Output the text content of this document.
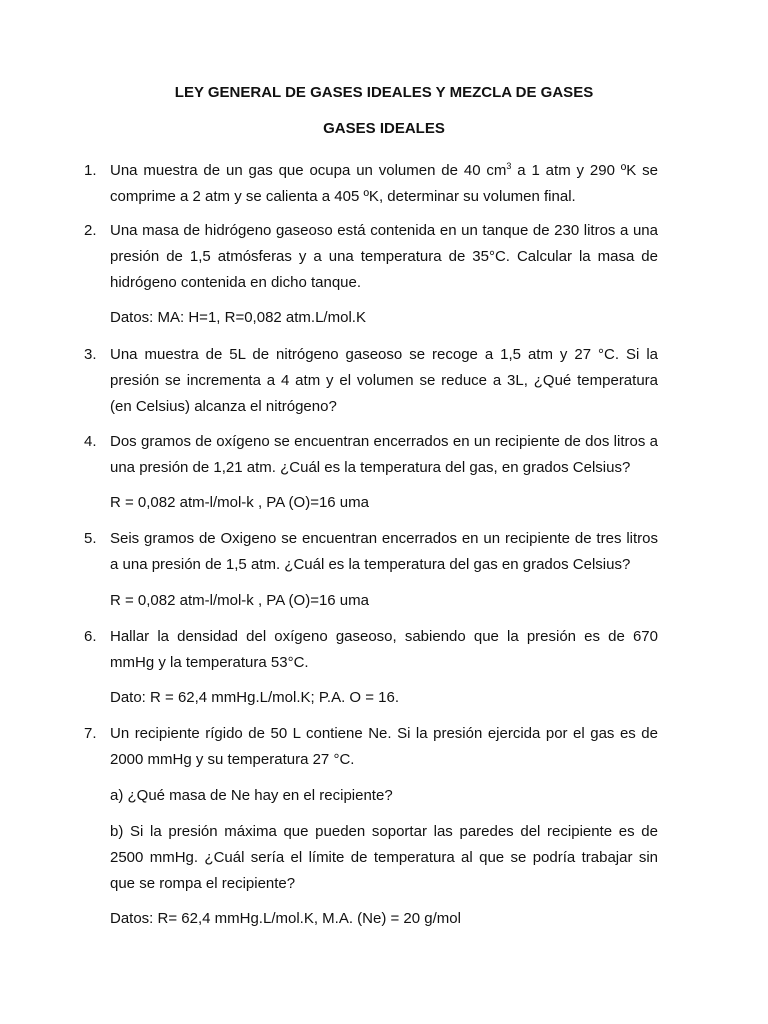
LEY GENERAL DE GASES IDEALES Y MEZCLA DE GASES
GASES IDEALES
1. Una muestra de un gas que ocupa un volumen de 40 $cm^3$ a 1 atm y 290 ºK se comprime a 2 atm y se calienta a 405 ºK, determinar su volumen final.
2. Una masa de hidrógeno gaseoso está contenida en un tanque de 230 litros a una presión de 1,5 atmósferas y a una temperatura de 35°C. Calcular la masa de hidrógeno contenida en dicho tanque.
Datos: MA: H=1, R=0,082 atm.L/mol.K
3. Una muestra de 5L de nitrógeno gaseoso se recoge a 1,5 atm y 27 °C. Si la presión se incrementa a 4 atm y el volumen se reduce a 3L, ¿Qué temperatura (en Celsius) alcanza el nitrógeno?
4. Dos gramos de oxígeno se encuentran encerrados en un recipiente de dos litros a una presión de 1,21 atm. ¿Cuál es la temperatura del gas, en grados Celsius?
R = 0,082 atm-l/mol-k , PA (O)=16 uma
5. Seis gramos de Oxigeno se encuentran encerrados en un recipiente de tres litros a una presión de 1,5 atm. ¿Cuál es la temperatura del gas en grados Celsius?
R = 0,082 atm-l/mol-k , PA (O)=16 uma
6. Hallar la densidad del oxígeno gaseoso, sabiendo que la presión es de 670 mmHg y la temperatura 53°C.
Dato: R = 62,4 mmHg.L/mol.K; P.A. O = 16.
7. Un recipiente rígido de 50 L contiene Ne. Si la presión ejercida por el gas es de 2000 mmHg y su temperatura 27 °C.
a) ¿Qué masa de Ne hay en el recipiente?
b) Si la presión máxima que pueden soportar las paredes del recipiente es de 2500 mmHg. ¿Cuál sería el límite de temperatura al que se podría trabajar sin que se rompa el recipiente?
Datos: R= 62,4 mmHg.L/mol.K, M.A. (Ne) = 20 g/mol
